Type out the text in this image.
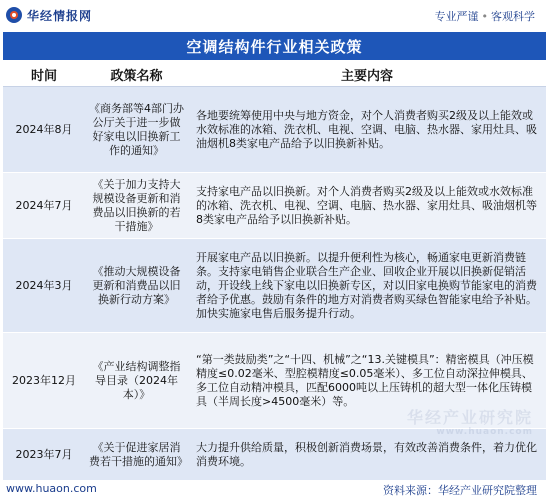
华经情报网	专业严谨 • 客观科学
空调结构件行业相关政策
时间	政策名称	主要内容
2024年8月	《商务部等4部门办公厅关于进一步做好家电以旧换新工作的通知》	各地要统筹使用中央与地方资金，对个人消费者购买2级及以上能效或水效标准的冰箱、洗衣机、电视、空调、电脑、热水器、家用灶具、吸油烟机8类家电产品给予以旧换新补贴。
2024年7月	《关于加力支持大规模设备更新和消费品以旧换新的若干措施》	支持家电产品以旧换新。对个人消费者购买2级及以上能效或水效标准的冰箱、洗衣机、电视、空调、电脑、热水器、家用灶具、吸油烟机等8类家电产品给予以旧换新补贴。
2024年3月	《推动大规模设备更新和消费品以旧换新行动方案》	开展家电产品以旧换新。以提升便利性为核心，畅通家电更新消费链条。支持家电销售企业联合生产企业、回收企业开展以旧换新促销活动，开设线上线下家电以旧换新专区，对以旧家电换购节能家电的消费者给予优惠。鼓励有条件的地方对消费者购买绿色智能家电给予补贴。加快实施家电售后服务提升行动。
2023年12月	《产业结构调整指导目录（2024年本）》	“第一类鼓励类”之“十四、机械”之“13.关键模具”：精密模具（冲压模精度≤0.02毫米、型腔模精度≤0.05毫米）、多工位自动深拉伸模具、多工位自动精冲模具，匹配6000吨以上压铸机的超大型一体化压铸模具（半周长度>4500毫米）等。
2023年7月	《关于促进家居消费若干措施的通知》	大力提升供给质量，积极创新消费场景，有效改善消费条件，着力优化消费环境。
华经产业研究院
www.huaon.com
www.huaon.com	资料来源：华经产业研究院整理
